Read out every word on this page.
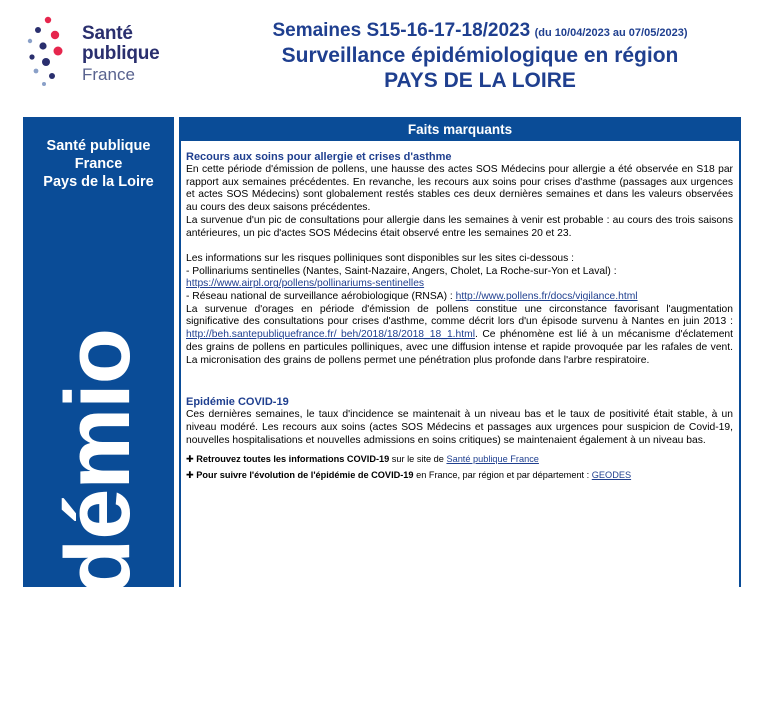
Santé
publique
France
Semaines S15-16-17-18/2023 (du 10/04/2023 au 07/05/2023)
Surveillance épidémiologique en région
PAYS DE LA LOIRE
Santé publique
France
Pays de la Loire
épidémio
Faits marquants

Recours aux soins pour allergie et crises d'asthme

En cette période d'émission de pollens, une hausse des actes SOS Médecins pour allergie a été observée en S18 par rapport aux semaines précédentes. En revanche, les recours aux soins pour crises d'asthme (passages aux urgences et actes SOS Médecins) sont globalement restés stables ces deux dernières semaines et dans les valeurs observées au cours des deux saisons précédentes.

La survenue d'un pic de consultations pour allergie dans les semaines à venir est probable : au cours des trois saisons antérieures, un pic d'actes SOS Médecins était observé entre les semaines 20 et 23.

Les informations sur les risques polliniques sont disponibles sur les sites ci-dessous :

- Pollinariums sentinelles (Nantes, Saint-Nazaire, Angers, Cholet, La Roche-sur-Yon et Laval) :

https://www.airpl.org/pollens/pollinariums-sentinelles

- Réseau national de surveillance aérobiologique (RNSA) : http://www.pollens.fr/docs/vigilance.html

La survenue d'orages en période d'émission de pollens constitue une circonstance favorisant l'augmentation significative des consultations pour crises d'asthme, comme décrit lors d'un épisode survenu à Nantes en juin 2013 : http://beh.santepubliquefrance.fr/ beh/2018/18/2018_18_1.html. Ce phénomène est lié à un mécanisme d'éclatement des grains de pollens en particules polliniques, avec une diffusion intense et rapide provoquée par les rafales de vent. La micronisation des grains de pollens permet une pénétration plus profonde dans l'arbre respiratoire.

Epidémie COVID-19

Ces dernières semaines, le taux d'incidence se maintenait à un niveau bas et le taux de positivité était stable, à un niveau modéré. Les recours aux soins (actes SOS Médecins et passages aux urgences pour suspicion de Covid-19, nouvelles hospitalisations et nouvelles admissions en soins critiques) se maintenaient également à un niveau bas.

✚ Retrouvez toutes les informations COVID-19 sur le site de Santé publique France

✚ Pour suivre l'évolution de l'épidémie de COVID-19 en France, par région et par département : GEODES
